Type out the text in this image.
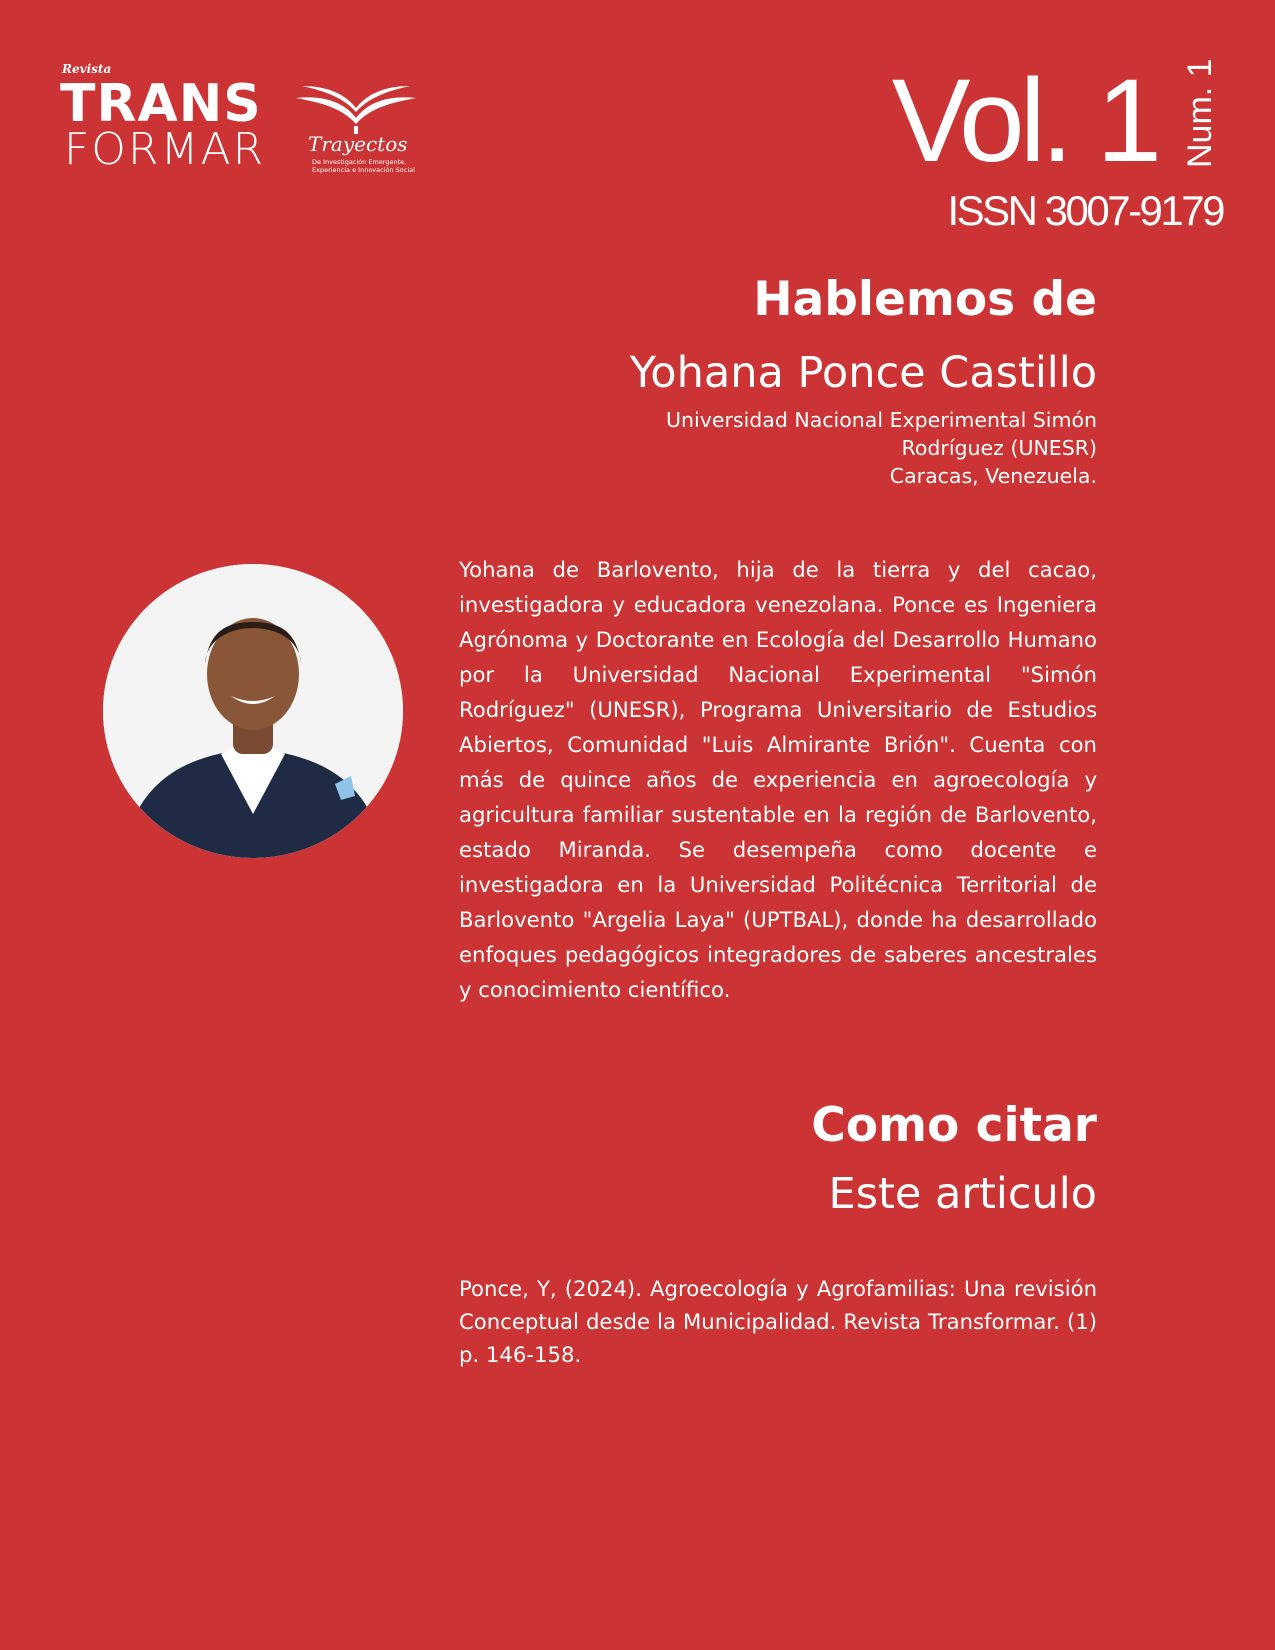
Revista
TRANS
FORMAR Trayectos
De Investigación Emergente, Experiencia e Innovación Social	Vol. 1 Num. 1
ISSN 3007-9179
Hablemos de
Yohana Ponce Castillo
Universidad Nacional Experimental Simón
Rodríguez (UNESR)
Caracas, Venezuela.

Yohana de Barlovento, hija de la tierra y del cacao, investigadora y educadora venezolana. Ponce es Ingeniera Agrónoma y Doctorante en Ecología del Desarrollo Humano por la Universidad Nacional Experimental "Simón Rodríguez" (UNESR), Programa Universitario de Estudios Abiertos, Comunidad "Luis Almirante Brión". Cuenta con más de quince años de experiencia en agroecología y agricultura familiar sustentable en la región de Barlovento, estado Miranda. Se desempeña como docente e investigadora en la Universidad Politécnica Territorial de Barlovento "Argelia Laya" (UPTBAL), donde ha desarrollado enfoques pedagógicos integradores de saberes ancestrales y conocimiento científico.

Como citar
Este articulo

Ponce, Y, (2024). Agroecología y Agrofamilias: Una revisión Conceptual desde la Municipalidad. Revista Transformar. (1) p. 146-158.
